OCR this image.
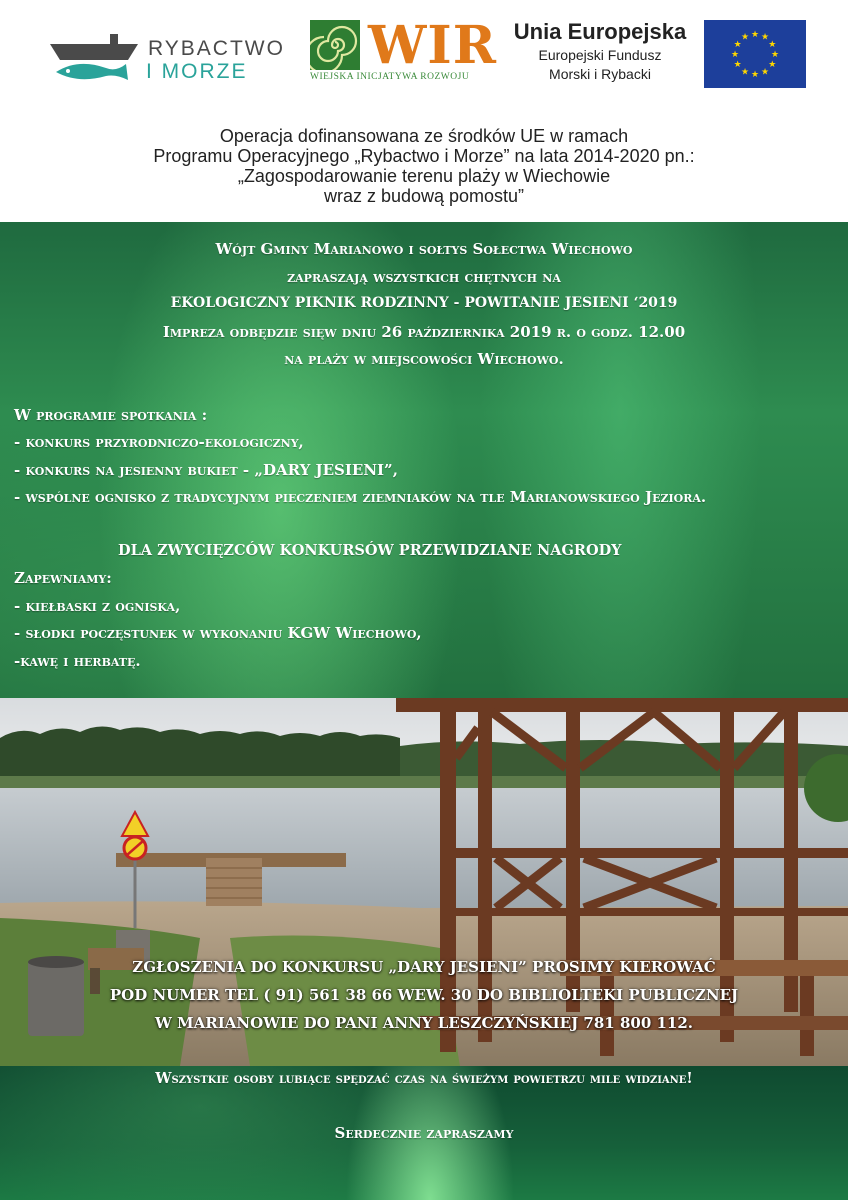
RYBACTWO
I MORZE WIR
WIEJSKA INICJATYWA ROZWOJU
Unia Europejska
Europejski Fundusz
Morski i Rybacki
★ ★
★
★
★
★
★
★
★
★
★
★
Operacja dofinansowana ze środków UE w ramach
Programu Operacyjnego „Rybactwo i Morze” na lata 2014-2020 pn.:
„Zagospodarowanie terenu plaży w Wiechowie
wraz z budową pomostu”
Wójt Gminy Marianowo i sołtys Sołectwa Wiechowo
zapraszają wszystkich chętnych na
EKOLOGICZNY PIKNIK RODZINNY - POWITANIE JESIENI ‘2019
Impreza odbędzie sięw dniu 26 października 2019 r. o godz. 12.00
na plaży w miejscowości Wiechowo.
W programie spotkania :
- konkurs przyrodniczo-ekologiczny,
- konkurs na jesienny bukiet - „DARY JESIENI”,
- wspólne ognisko z tradycyjnym pieczeniem ziemniaków na tle Marianowskiego Jeziora.
DLA ZWYCIĘZCÓW KONKURSÓW PRZEWIDZIANE NAGRODY
Zapewniamy:
- kiełbaski z ogniska,
- słodki poczęstunek w wykonaniu KGW Wiechowo,
-kawę i herbatę.
ZGŁOSZENIA DO KONKURSU „DARY JESIENI” PROSIMY KIEROWAĆ
POD NUMER TEL ( 91) 561 38 66 WEW. 30 DO BIBLIOLTEKI PUBLICZNEJ
W MARIANOWIE DO PANI ANNY LESZCZYŃSKIEJ 781 800 112.
Wszystkie osoby lubiące spędzać czas na świeżym powietrzu mile widziane!
Serdecznie zapraszamy
